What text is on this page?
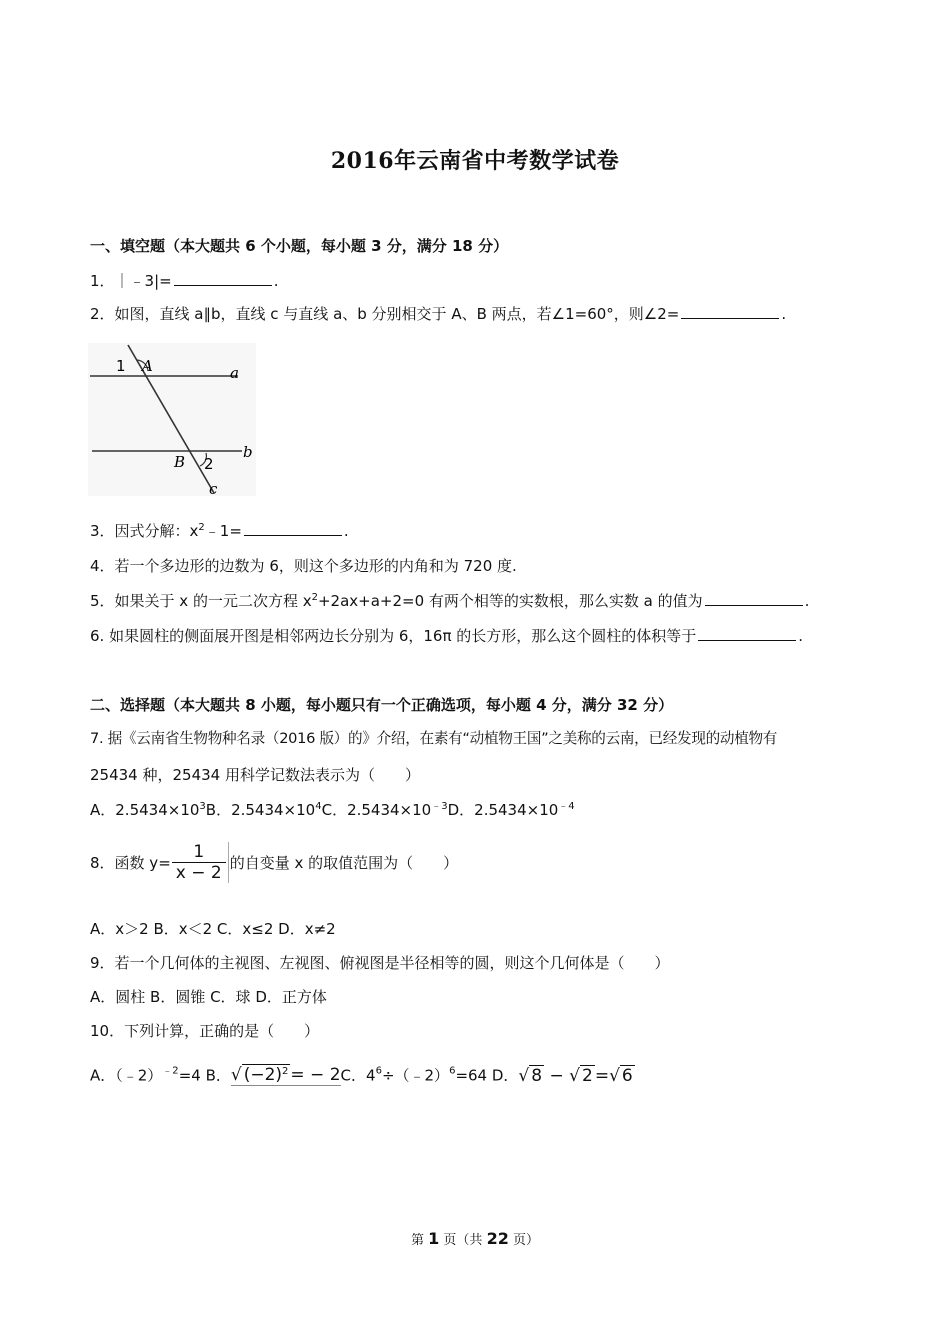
2016年云南省中考数学试卷
一、填空题（本大题共 6 个小题，每小题 3 分，满分 18 分）
1．｜﹣3|=	.
2．如图，直线 a∥b，直线 c 与直线 a、b 分别相交于 A、B 两点，若∠1=60°，则∠2=	.
1 A	a
B 2
b
c
3．因式分解：$x^2﹣1=$	.
4．若一个多边形的边数为 6，则这个多边形的内角和为 720 度.
5．如果关于 x 的一元二次方程 $x^2+2ax+a+2=0$ 有两个相等的实数根，那么实数 a 的值为	.
6. 如果圆柱的侧面展开图是相邻两边长分别为 6，16π 的长方形，那么这个圆柱的体积等于	.
二、选择题（本大题共 8 小题，每小题只有一个正确选项，每小题 4 分，满分 32 分）
7. 据《云南省生物物种名录（2016 版）的》介绍，在素有“动植物王国”之美称的云南，已经发现的动植物有
25434 种，25434 用科学记数法表示为（　　）
A．$2.5434\times 10^3B$．$2.5434\times 10^4C$．$2.5434\times 10^{﹣3}D$．$2.5434\times 10^{﹣4}$
8．函数 $y= \frac{1}{x - 2}$ 的自变量 x 的取值范围为（　　）
A．x＞2 B．x＜2 C．x≤2 D．x≠2
9．若一个几何体的主视图、左视图、俯视图是半径相等的圆，则这个几何体是（　　）
A．圆柱 B．圆锥 C．球 D．正方体
10．下列计算，正确的是（　　）
A．（﹣2）$^{﹣2}$=4 B．√ $(-2)^2$ = − 2C．$4^6\div(﹣2)^6=64$ D．√ 8 − √ 2 =√ 6
第 1 页（共 22 页）
